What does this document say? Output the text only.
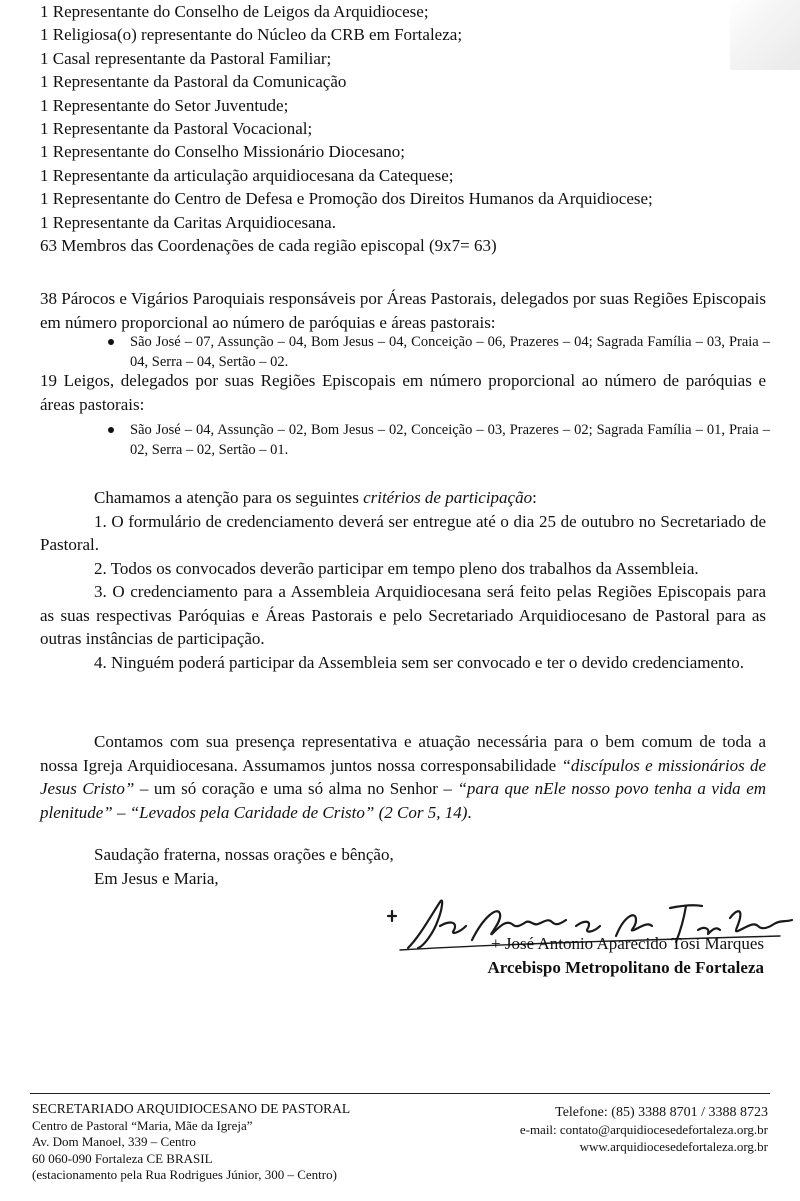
1 Representante do Conselho de Leigos da Arquidiocese;
1 Religiosa(o) representante do Núcleo da CRB em Fortaleza;
1 Casal representante da Pastoral Familiar;
1 Representante da Pastoral da Comunicação
1 Representante do Setor Juventude;
1 Representante da Pastoral Vocacional;
1 Representante do Conselho Missionário Diocesano;
1 Representante da articulação arquidiocesana da Catequese;
1 Representante do Centro de Defesa e Promoção dos Direitos Humanos da Arquidiocese;
1 Representante da Caritas Arquidiocesana.
63 Membros das Coordenações de cada região episcopal (9x7= 63)

38 Párocos e Vigários Paroquiais responsáveis por Áreas Pastorais, delegados por suas Regiões Episcopais em número proporcional ao número de paróquias e áreas pastorais:

São José – 07, Assunção – 04, Bom Jesus – 04, Conceição – 06, Prazeres – 04; Sagrada Família – 03, Praia – 04, Serra – 04, Sertão – 02.

19 Leigos, delegados por suas Regiões Episcopais em número proporcional ao número de paróquias e áreas pastorais:

São José – 04, Assunção – 02, Bom Jesus – 02, Conceição – 03, Prazeres – 02; Sagrada Família – 01, Praia – 02, Serra – 02, Sertão – 01.

Chamamos a atenção para os seguintes critérios de participação:

1. O formulário de credenciamento deverá ser entregue até o dia 25 de outubro no Secretariado de Pastoral.

2. Todos os convocados deverão participar em tempo pleno dos trabalhos da Assembleia.

3. O credenciamento para a Assembleia Arquidiocesana será feito pelas Regiões Episcopais para as suas respectivas Paróquias e Áreas Pastorais e pelo Secretariado Arquidiocesano de Pastoral para as outras instâncias de participação.

4. Ninguém poderá participar da Assembleia sem ser convocado e ter o devido credenciamento.

Contamos com sua presença representativa e atuação necessária para o bem comum de toda a nossa Igreja Arquidiocesana. Assumamos juntos nossa corresponsabilidade “discípulos e missionários de Jesus Cristo” – um só coração e uma só alma no Senhor – “para que nEle nosso povo tenha a vida em plenitude” – “Levados pela Caridade de Cristo” (2 Cor 5, 14).

Saudação fraterna, nossas orações e bênção,
Em Jesus e Maria,
+ José Antonio Aparecido Tosi Marques
Arcebispo Metropolitano de Fortaleza
SECRETARIADO ARQUIDIOCESANO DE PASTORAL
Centro de Pastoral “Maria, Mãe da Igreja”
Av. Dom Manoel, 339 – Centro
60 060-090 Fortaleza CE BRASIL
(estacionamento pela Rua Rodrigues Júnior, 300 – Centro)
Telefone: (85) 3388 8701 / 3388 8723
e-mail: contato@arquidiocesedefortaleza.org.br
www.arquidiocesedefortaleza.org.br
